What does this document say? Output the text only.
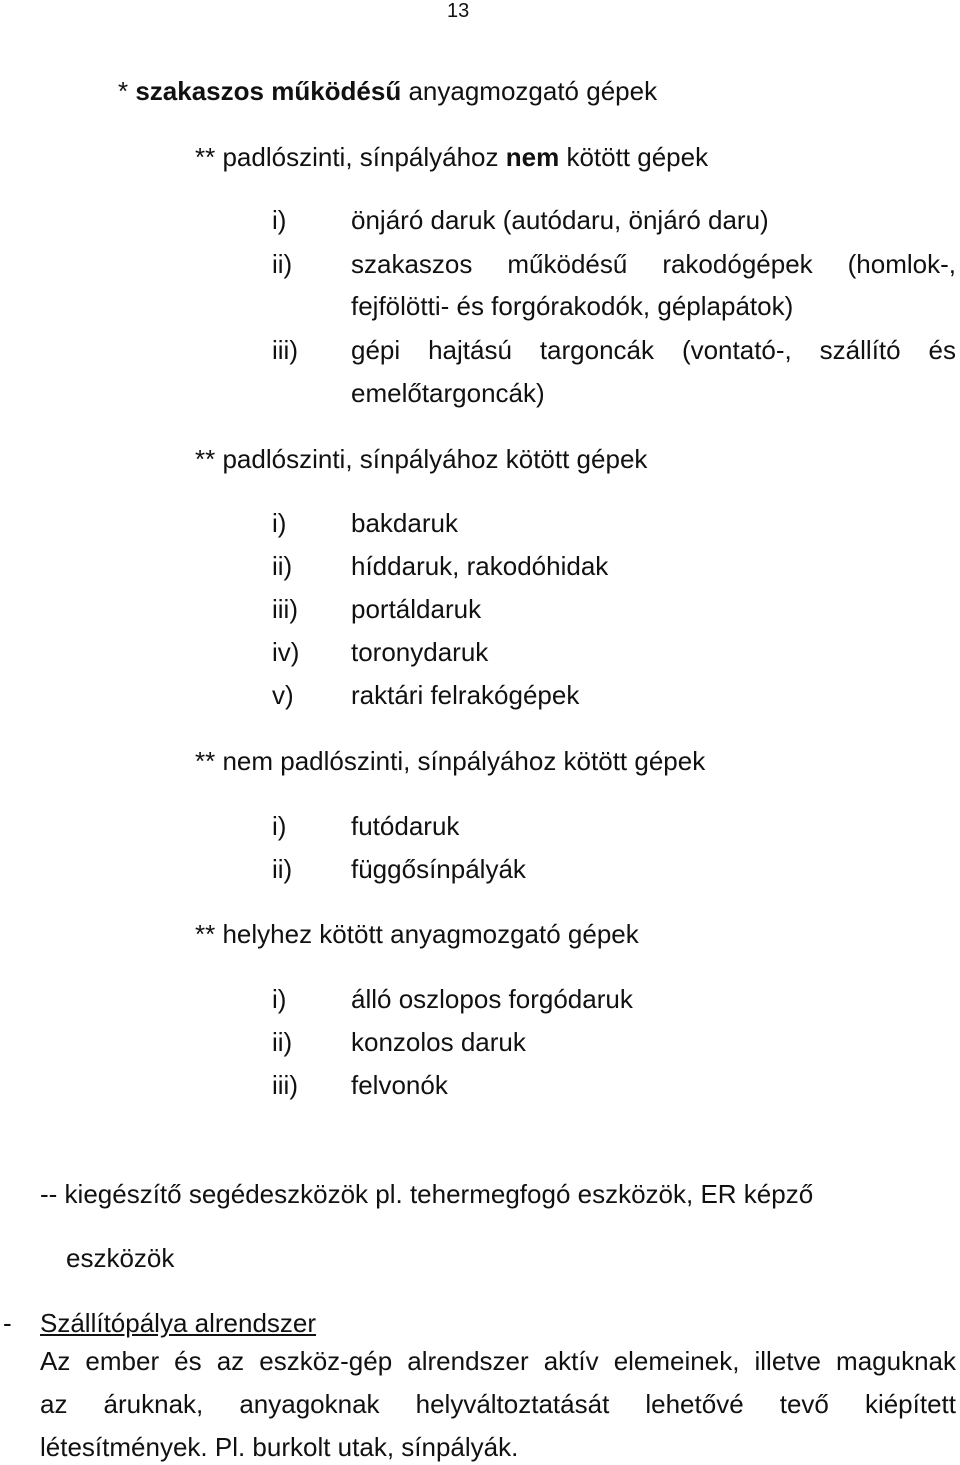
13
* szakaszos működésű anyagmozgató gépek
** padlószinti, sínpályához nem kötött gépek
i) önjáró daruk (autódaru, önjáró daru)
ii) szakaszos működésű rakodógépek (homlok-,
fejfölötti- és forgórakodók, géplapátok)
iii) gépi hajtású targoncák (vontató-, szállító és
emelőtargoncák)
** padlószinti, sínpályához kötött gépek
i) bakdaruk
ii) híddaruk, rakodóhidak
iii) portáldaruk
iv) toronydaruk
v) raktári felrakógépek
** nem padlószinti, sínpályához kötött gépek
i) futódaruk
ii) függősínpályák
** helyhez kötött anyagmozgató gépek
i) álló oszlopos forgódaruk
ii) konzolos daruk
iii) felvonók
-- kiegészítő segédeszközök pl. tehermegfogó eszközök, ER képző
eszközök
- Szállítópálya alrendszer
Az ember és az eszköz-gép alrendszer aktív elemeinek, illetve maguknak
az áruknak, anyagoknak helyváltoztatását lehetővé tevő kiépített
létesítmények. Pl. burkolt utak, sínpályák.
